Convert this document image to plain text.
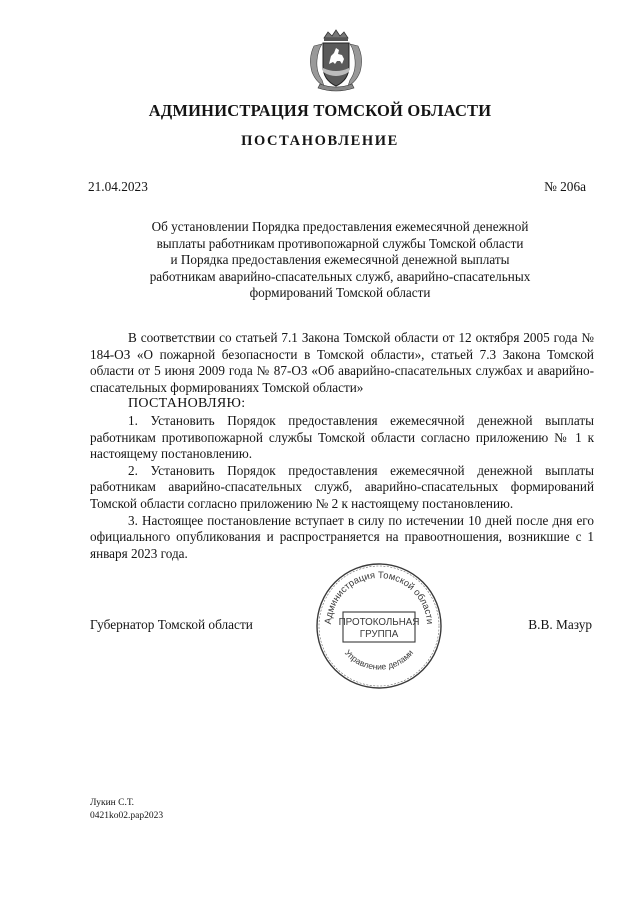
АДМИНИСТРАЦИЯ ТОМСКОЙ ОБЛАСТИ
ПОСТАНОВЛЕНИЕ
21.04.2023	№ 206а
Об установлении Порядка предоставления ежемесячной денежной
выплаты работникам противопожарной службы Томской области
и Порядка предоставления ежемесячной денежной выплаты
работникам аварийно-спасательных служб, аварийно-спасательных
формирований Томской области

В соответствии со статьей 7.1 Закона Томской области от 12 октября 2005 года № 184-ОЗ «О пожарной безопасности в Томской области», статьей 7.3 Закона Томской области от 5 июня 2009 года № 87-ОЗ «Об аварийно-спасательных службах и аварийно-спасательных формированиях Томской области»

ПОСТАНОВЛЯЮ:

1. Установить Порядок предоставления ежемесячной денежной выплаты работникам противопожарной службы Томской области согласно приложению № 1 к настоящему постановлению.

2. Установить Порядок предоставления ежемесячной денежной выплаты работникам аварийно-спасательных служб, аварийно-спасательных формирований Томской области согласно приложению № 2 к настоящему постановлению.

3. Настоящее постановление вступает в силу по истечении 10 дней после дня его официального опубликования и распространяется на правоотношения, возникшие с 1 января 2023 года.

Губернатор Томской области	Администрация Томской области
ПРОТОКОЛЬНАЯ
ГРУППА
Управление делами
В.В. Мазур
Лукин С.Т.
0421ko02.pap2023
